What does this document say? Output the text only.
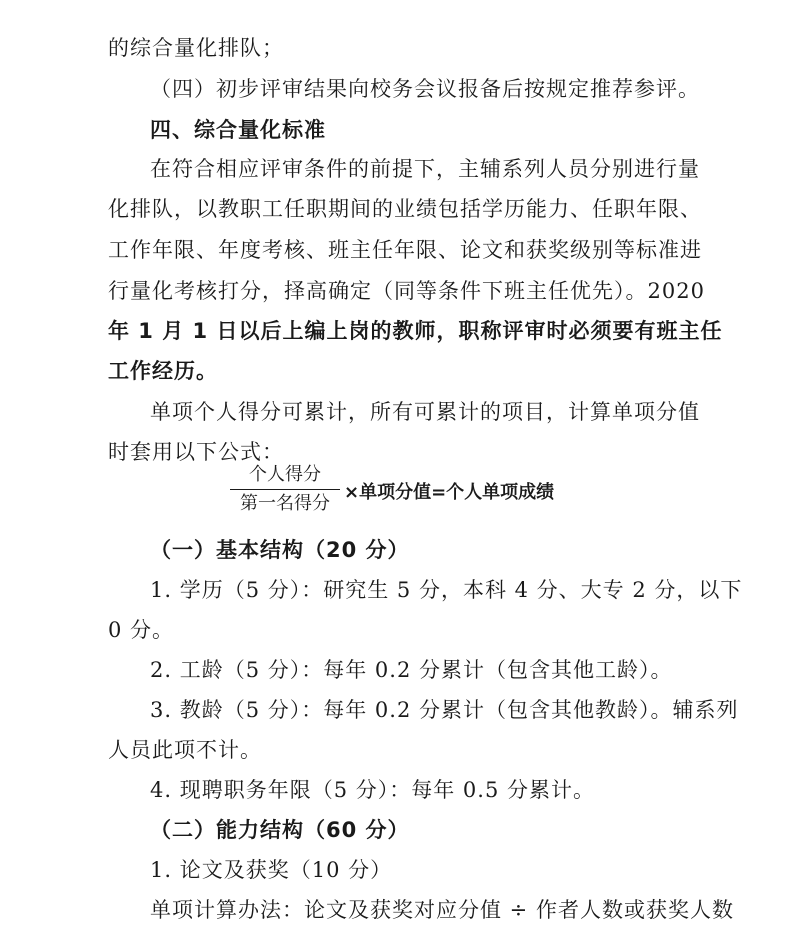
的综合量化排队；
（四）初步评审结果向校务会议报备后按规定推荐参评。
四、综合量化标准
在符合相应评审条件的前提下，主辅系列人员分别进行量
化排队，以教职工任职期间的业绩包括学历能力、任职年限、
工作年限、年度考核、班主任年限、论文和获奖级别等标准进
行量化考核打分，择高确定（同等条件下班主任优先）。2020
年 1 月 1 日以后上编上岗的教师，职称评审时必须要有班主任
工作经历。
单项个人得分可累计，所有可累计的项目，计算单项分值
时套用以下公式：
（一）基本结构（20 分）
1. 学历（5 分）：研究生 5 分，本科 4 分、大专 2 分，以下
0 分。
2. 工龄（5 分）：每年 0.2 分累计（包含其他工龄）。
3. 教龄（5 分）：每年 0.2 分累计（包含其他教龄）。辅系列
人员此项不计。
4. 现聘职务年限（5 分）：每年 0.5 分累计。
（二）能力结构（60 分）
1. 论文及获奖（10 分）
单项计算办法：论文及获奖对应分值 ÷ 作者人数或获奖人数
个人得分
第一名得分
×单项分值=个人单项成绩
